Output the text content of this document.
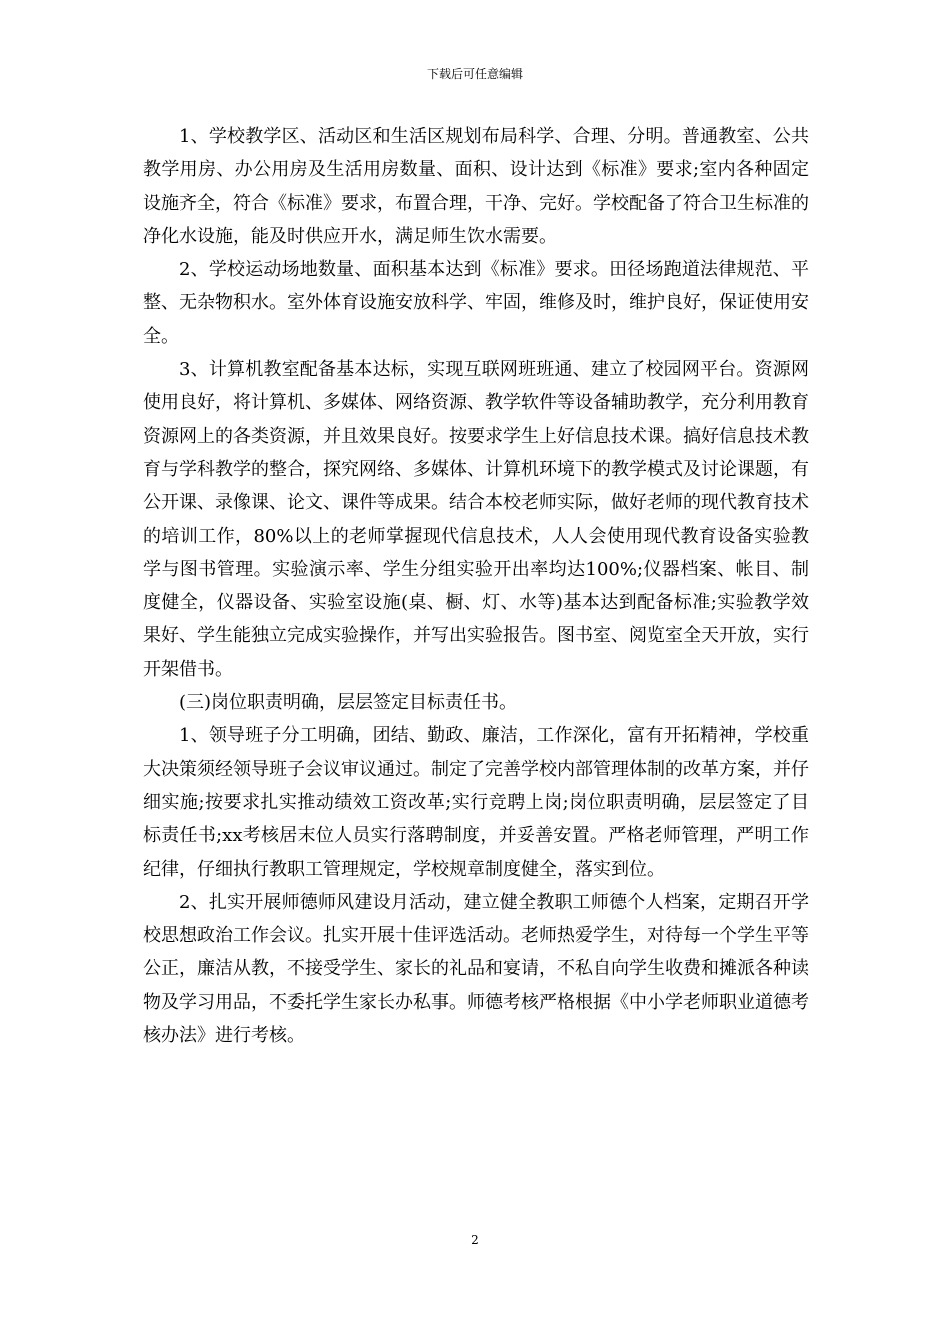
下载后可任意编辑

1、学校教学区、活动区和生活区规划布局科学、合理、分明。普通教室、公共教学用房、办公用房及生活用房数量、面积、设计达到《标准》要求;室内各种固定设施齐全，符合《标准》要求，布置合理，干净、完好。学校配备了符合卫生标准的净化水设施，能及时供应开水，满足师生饮水需要。

2、学校运动场地数量、面积基本达到《标准》要求。田径场跑道法律规范、平整、无杂物积水。室外体育设施安放科学、牢固，维修及时，维护良好，保证使用安全。

3、计算机教室配备基本达标，实现互联网班班通、建立了校园网平台。资源网使用良好，将计算机、多媒体、网络资源、教学软件等设备辅助教学，充分利用教育资源网上的各类资源，并且效果良好。按要求学生上好信息技术课。搞好信息技术教育与学科教学的整合，探究网络、多媒体、计算机环境下的教学模式及讨论课题，有公开课、录像课、论文、课件等成果。结合本校老师实际，做好老师的现代教育技术的培训工作，80%以上的老师掌握现代信息技术，人人会使用现代教育设备实验教学与图书管理。实验演示率、学生分组实验开出率均达100%;仪器档案、帐目、制度健全，仪器设备、实验室设施(桌、橱、灯、水等)基本达到配备标准;实验教学效果好、学生能独立完成实验操作，并写出实验报告。图书室、阅览室全天开放，实行开架借书。

(三)岗位职责明确，层层签定目标责任书。

1、领导班子分工明确，团结、勤政、廉洁，工作深化，富有开拓精神，学校重大决策须经领导班子会议审议通过。制定了完善学校内部管理体制的改革方案，并仔细实施;按要求扎实推动绩效工资改革;实行竞聘上岗;岗位职责明确，层层签定了目标责任书;xx考核居末位人员实行落聘制度，并妥善安置。严格老师管理，严明工作纪律，仔细执行教职工管理规定，学校规章制度健全，落实到位。

2、扎实开展师德师风建设月活动，建立健全教职工师德个人档案，定期召开学校思想政治工作会议。扎实开展十佳评选活动。老师热爱学生，对待每一个学生平等公正，廉洁从教，不接受学生、家长的礼品和宴请，不私自向学生收费和摊派各种读物及学习用品，不委托学生家长办私事。师德考核严格根据《中小学老师职业道德考核办法》进行考核。

2
